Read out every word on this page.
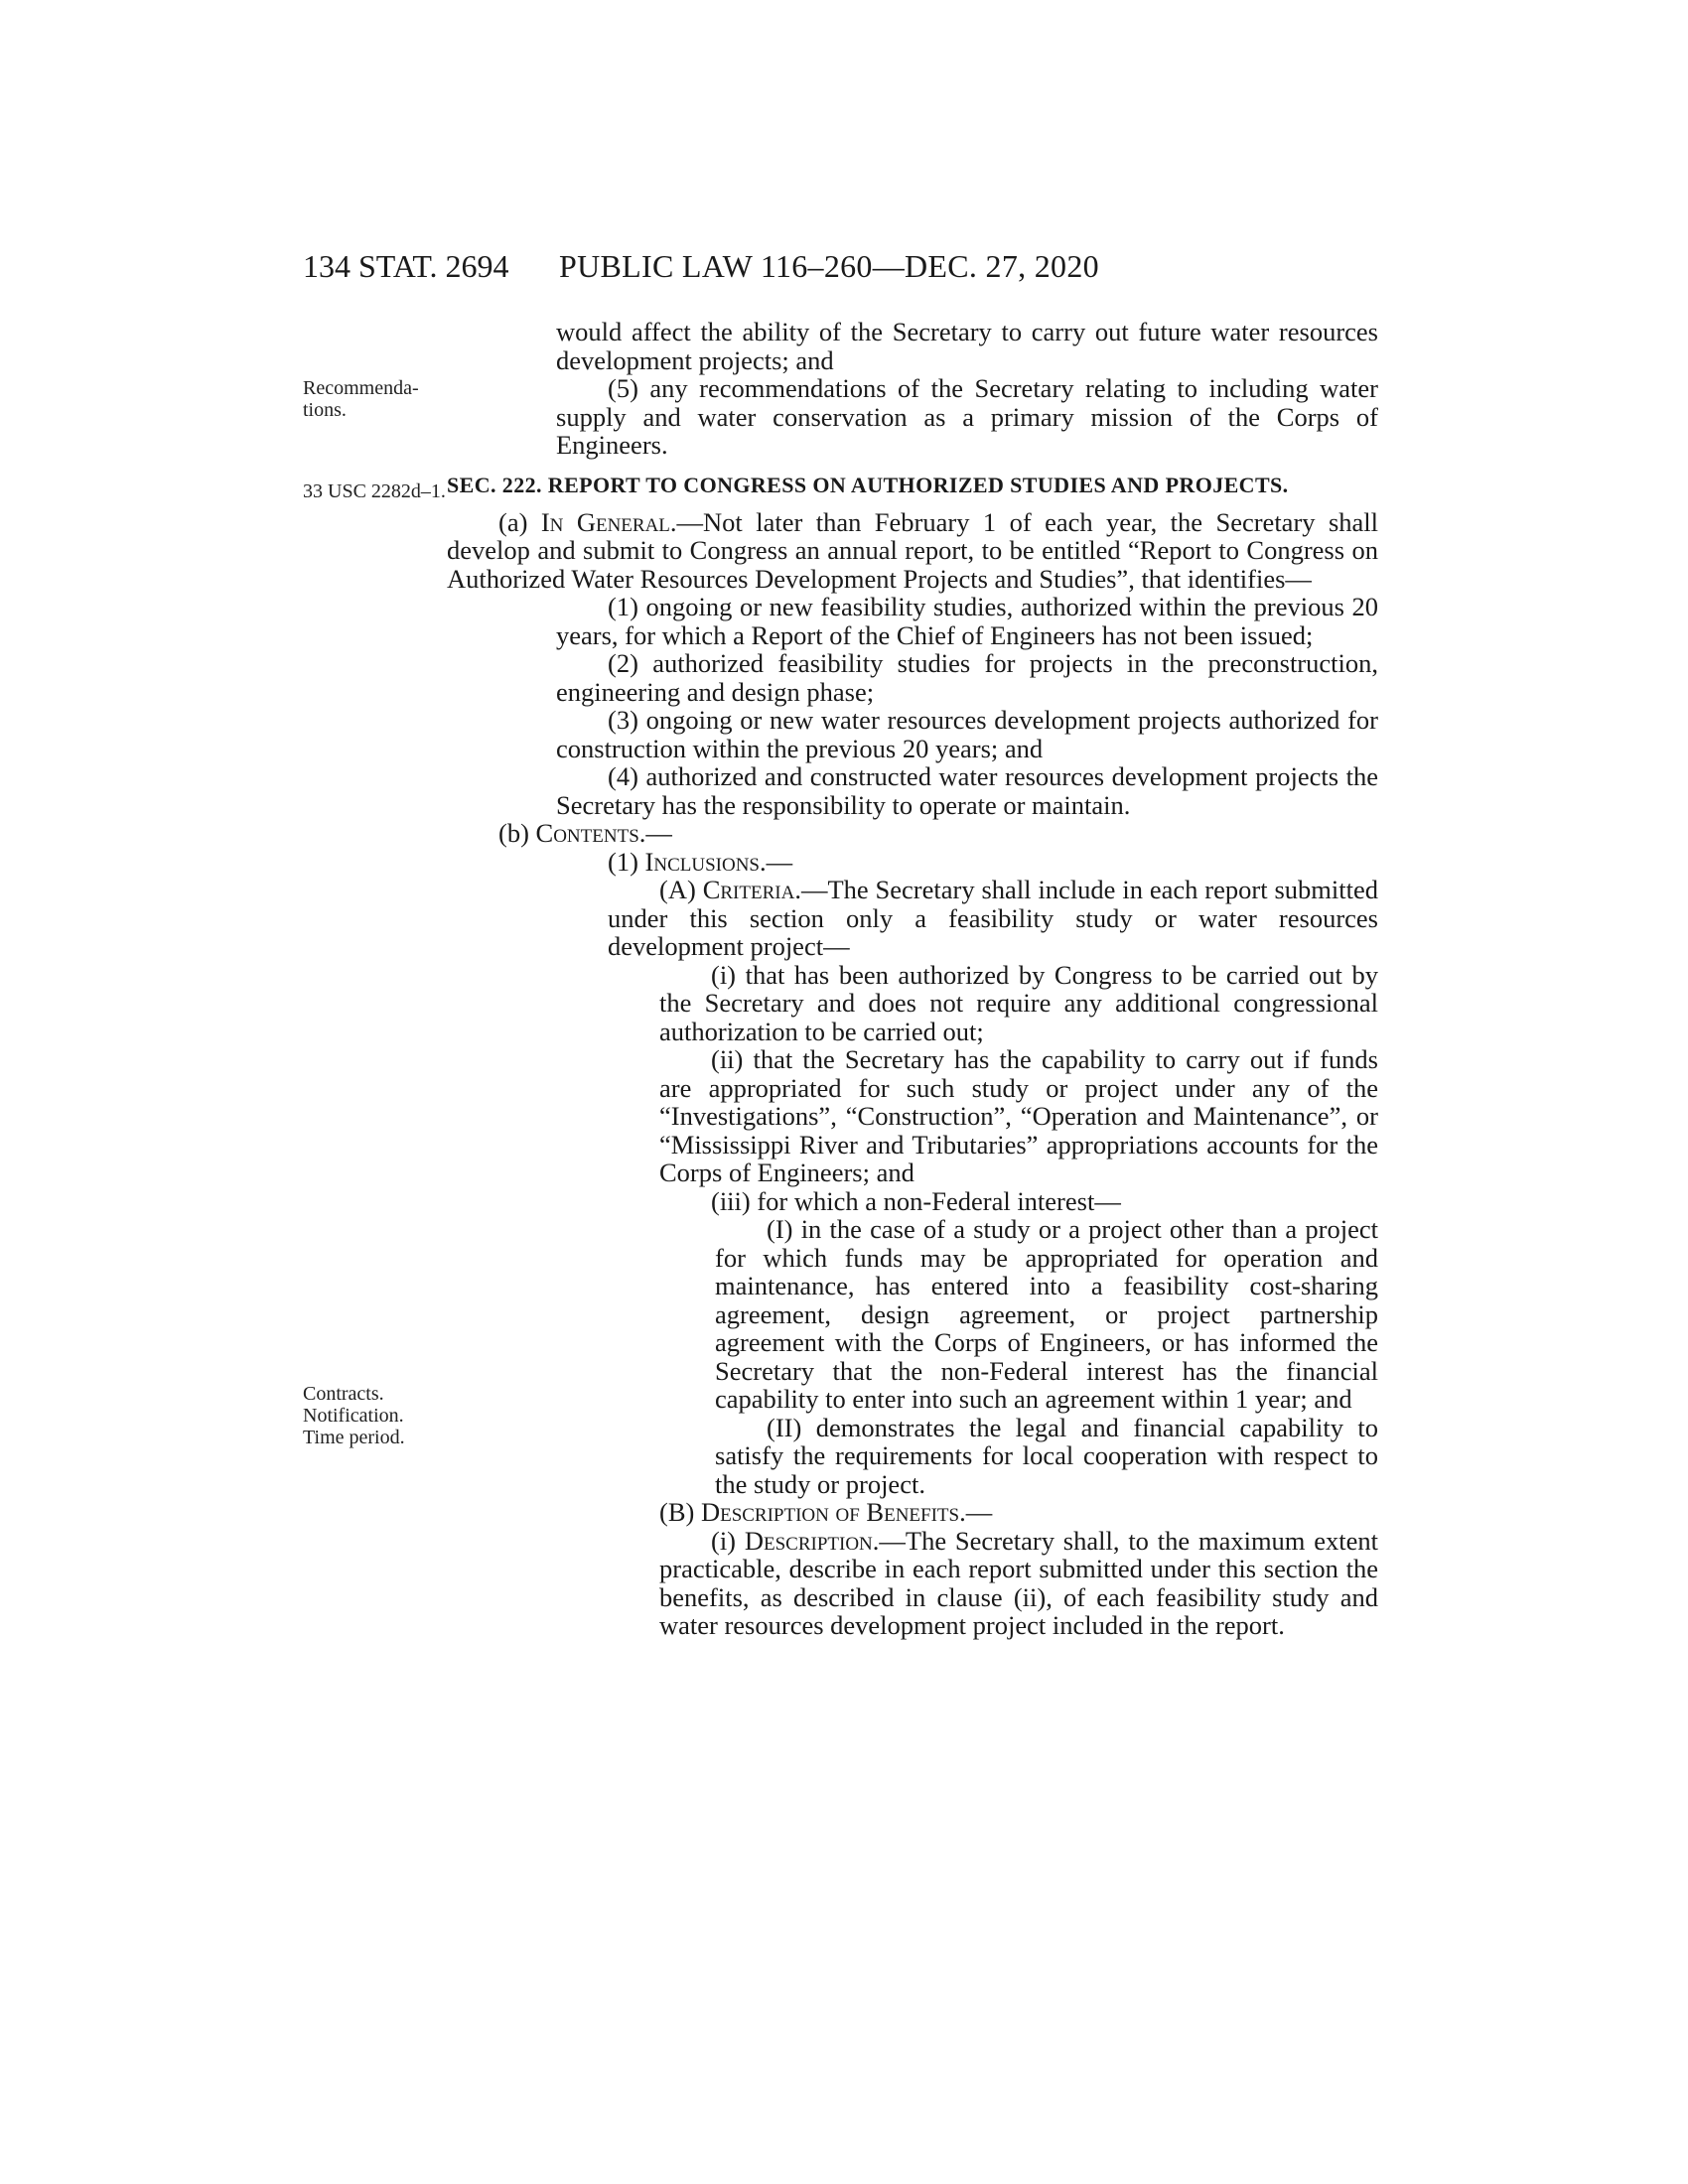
134 STAT. 2694 PUBLIC LAW 116–260—DEC. 27, 2020
Recommenda-
tions.
33 USC 2282d–1.
Contracts.
Notification.
Time period.

would affect the ability of the Secretary to carry out future water resources development projects; and

(5) any recommendations of the Secretary relating to including water supply and water conservation as a primary mission of the Corps of Engineers.

SEC. 222. REPORT TO CONGRESS ON AUTHORIZED STUDIES AND PROJECTS.

(a) In General.—Not later than February 1 of each year, the Secretary shall develop and submit to Congress an annual report, to be entitled “Report to Congress on Authorized Water Resources Development Projects and Studies”, that identifies—

(1) ongoing or new feasibility studies, authorized within the previous 20 years, for which a Report of the Chief of Engineers has not been issued;

(2) authorized feasibility studies for projects in the preconstruction, engineering and design phase;

(3) ongoing or new water resources development projects authorized for construction within the previous 20 years; and

(4) authorized and constructed water resources development projects the Secretary has the responsibility to operate or maintain.

(b) Contents.—

(1) Inclusions.—

(A) Criteria.—The Secretary shall include in each report submitted under this section only a feasibility study or water resources development project—

(i) that has been authorized by Congress to be carried out by the Secretary and does not require any additional congressional authorization to be carried out;

(ii) that the Secretary has the capability to carry out if funds are appropriated for such study or project under any of the “Investigations”, “Construction”, “Operation and Maintenance”, or “Mississippi River and Tributaries” appropriations accounts for the Corps of Engineers; and

(iii) for which a non-Federal interest—

(I) in the case of a study or a project other than a project for which funds may be appropriated for operation and maintenance, has entered into a feasibility cost-sharing agreement, design agreement, or project partnership agreement with the Corps of Engineers, or has informed the Secretary that the non-Federal interest has the financial capability to enter into such an agreement within 1 year; and

(II) demonstrates the legal and financial capability to satisfy the requirements for local cooperation with respect to the study or project.

(B) Description of Benefits.—

(i) Description.—The Secretary shall, to the maximum extent practicable, describe in each report submitted under this section the benefits, as described in clause (ii), of each feasibility study and water resources development project included in the report.
